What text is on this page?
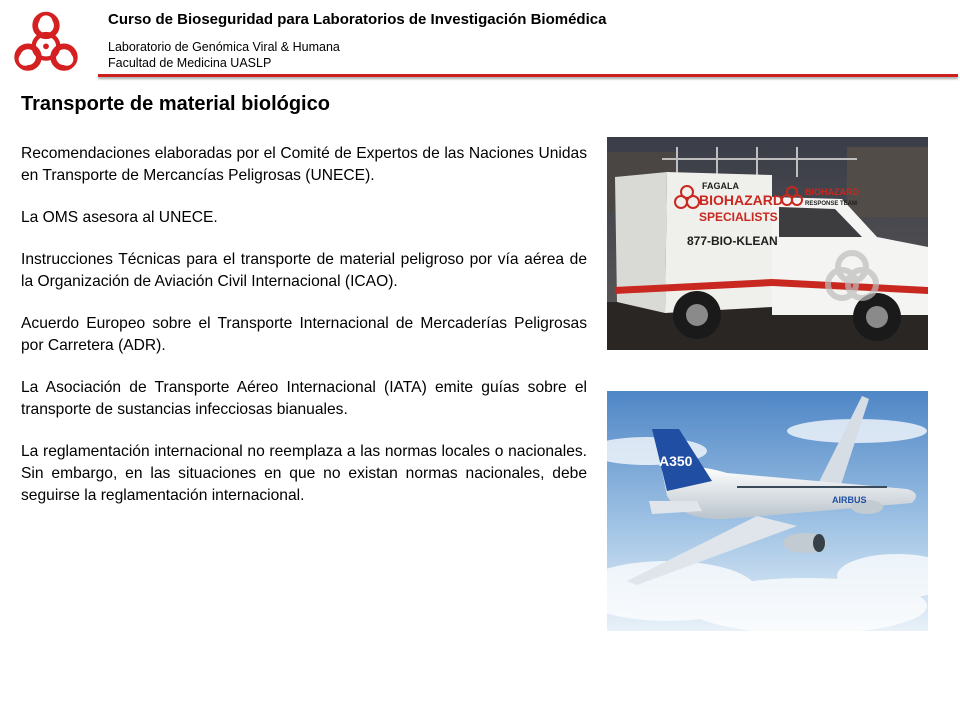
Curso de Bioseguridad para Laboratorios de Investigación Biomédica
Laboratorio de Genómica Viral & Humana
Facultad de Medicina UASLP
Transporte de material biológico

Recomendaciones elaboradas por el Comité de Expertos de las Naciones Unidas en Transporte de Mercancías Peligrosas (UNECE).

La OMS asesora al UNECE.

Instrucciones Técnicas para el transporte de material peligroso por vía aérea de la Organización de Aviación Civil Internacional (ICAO).

Acuerdo Europeo sobre el Transporte Internacional de Mercaderías Peligrosas por Carretera (ADR).

La Asociación de Transporte Aéreo Internacional (IATA) emite guías sobre el transporte de sustancias infecciosas bianuales.

La reglamentación internacional no reemplaza a las normas locales o nacionales. Sin embargo, en las situaciones en que no existan normas nacionales, debe seguirse la reglamentación internacional.

FAGALA
BIOHAZARD
SPECIALISTS
877-BIO-KLEAN
BIOHAZARD
RESPONSE TEAM
A350
AIRBUS
